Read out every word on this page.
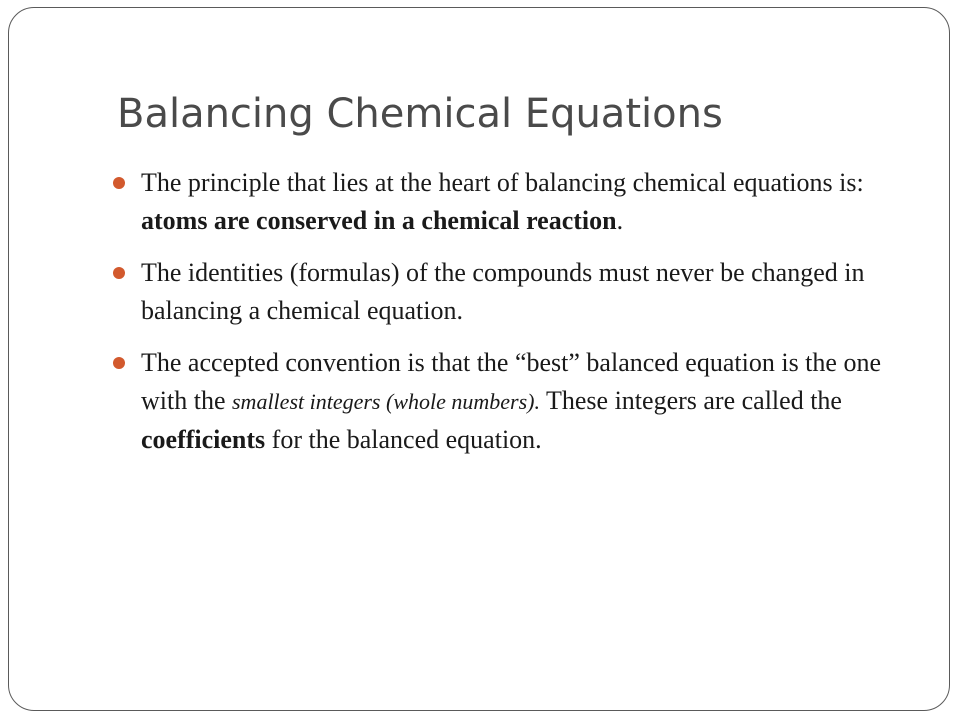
Balancing Chemical Equations
The principle that lies at the heart of balancing chemical equations is: atoms are conserved in a chemical reaction.
The identities (formulas) of the compounds must never be changed in balancing a chemical equation.
The accepted convention is that the “best” balanced equation is the one with the smallest integers (whole numbers). These integers are called the coefficients for the balanced equation.
